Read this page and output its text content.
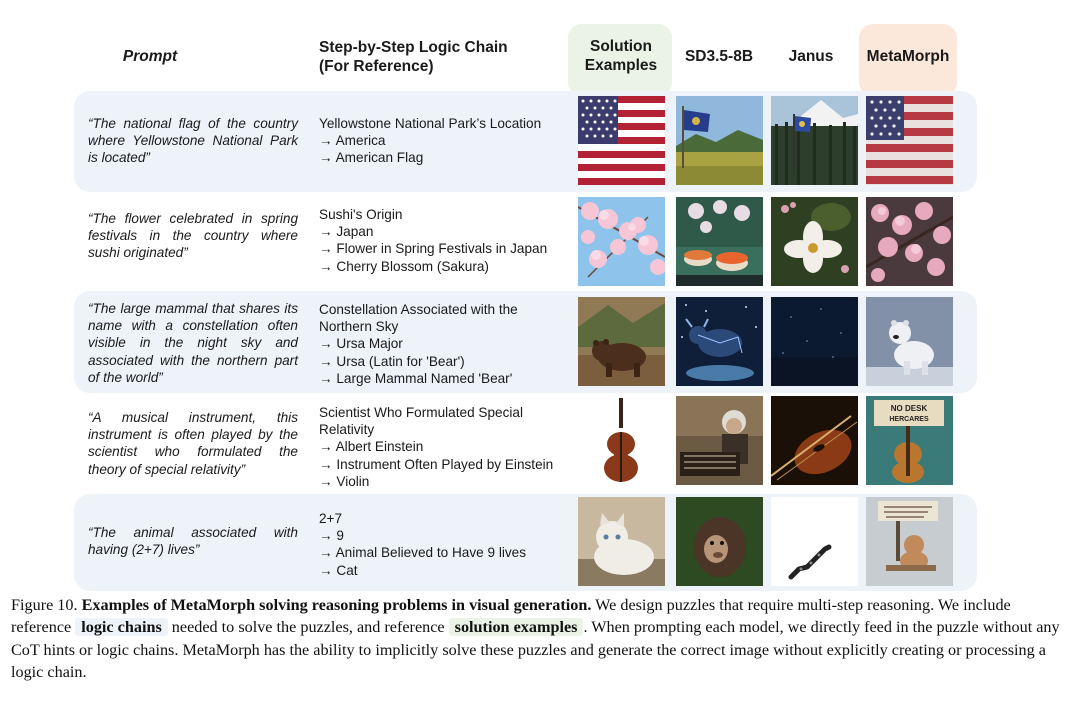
Prompt
Step-by-Step Logic Chain
(For Reference)
Solution
Examples
SD3.5-8B	Janus	MetaMorph
“The national flag of the country where Yellowstone National Park is located”
Yellowstone National Park’s Location
→ America
→ American Flag
“The flower celebrated in spring festivals in the country where sushi originated”
Sushi's Origin
→ Japan
→ Flower in Spring Festivals in Japan
→ Cherry Blossom (Sakura)
“The large mammal that shares its name with a constellation often visible in the night sky and associated with the northern part of the world”
Constellation Associated with the
Northern Sky
→ Ursa Major
→ Ursa (Latin for 'Bear')
→ Large Mammal Named 'Bear'
“A musical instrument, this instrument is often played by the scientist who formulated the theory of special relativity”
Scientist Who Formulated Special
Relativity
→ Albert Einstein
→ Instrument Often Played by Einstein
→ Violin
“The animal associated with having (2+7) lives”
2+7
→ 9
→ Animal Believed to Have 9 lives
→ Cat
NO DESK
HERCARES
Figure 10. Examples of MetaMorph solving reasoning problems in visual generation. We design puzzles that require multi-step reasoning. We include reference logic chains needed to solve the puzzles, and reference solution examples . When prompting each model, we directly feed in the puzzle without any CoT hints or logic chains. MetaMorph has the ability to implicitly solve these puzzles and generate the correct image without explicitly creating or processing a logic chain.
